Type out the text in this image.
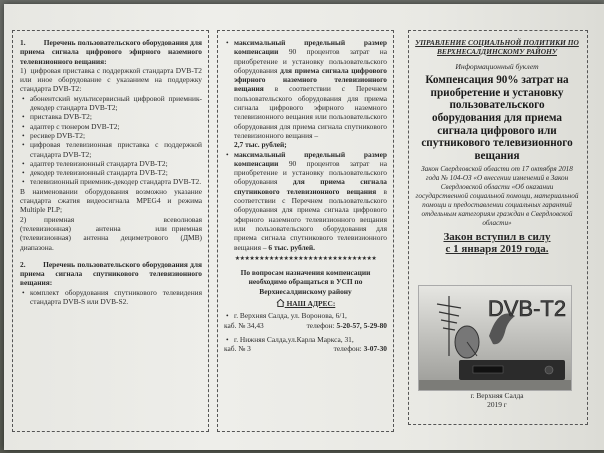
1.         Перечень пользовательского оборудования для приема сигнала цифрового эфирного наземного телевизионного вещания:

1)  цифровая приставка с поддержкой стандарта DVB-T2 или иное оборудование с указанием на поддержку стандарта DVB-T2:

• абонентский мультисервисный цифровой приемник-декодер стандарта DVB-T2;
• приставка DVB-T2;
• адаптер с тюнером DVB-T2;
• ресивер DVB-T2;
• цифровая телевизионная приставка с поддержкой стандарта DVB-T2;
• адаптер телевизионный стандарта DVB-T2;
• декодер телевизионный стандарта DVB-T2;
• телевизионный приемник-декодер стандарта DVB-T2.

В наименовании оборудования возможно указание стандарта сжатия видеосигнала MPEG4 и режима Multiple PLP;

2)   приемная               всеволновая (телевизионная)     антенна       или приемная (телевизионная) антенна дециметрового (ДМВ) диапазона.

2.        Перечень пользовательского оборудования для приема сигнала спутникового телевизионного вещания:

• комплект оборудования спутникового телевидения стандарта DVB-S или DVB-S2.
• максимальный предельный размер компенсации 90 процентов затрат на приобретение и установку пользовательского оборудования для приема сигнала цифрового эфирного наземного телевизионного вещания в соответствии с Перечнем пользовательского оборудования для приема сигнала цифрового эфирного наземного телевизионного вещания или пользовательского оборудования для приема сигнала спутникового телевизионного вещания –
2,7 тыс. рублей;
• максимальный предельный размер компенсации 90 процентов затрат на приобретение и установку пользовательского оборудования для приема сигнала спутникового телевизионного вещания в соответствии с Перечнем пользовательского оборудования для приема сигнала цифрового эфирного наземного телевизионного вещания или пользовательского оборудования для приема сигнала спутникового телевизионного вещания – 6 тыс. рублей.
★★★★★★★★★★★★★★★★★★★★★★★★★★★★★

По вопросам назначения компенсации необходимо обращаться в УСП по Верхнесалдинскому району

НАШ АДРЕС:

• г. Верхняя Салда, ул. Воронова, 6/1,

каб. № 34,43	телефон: 5-20-57, 5-29-80

• г. Нижняя Салда,ул.Карла Маркса, 31,

каб. № 3	телефон: 3-07-30

УПРАВЛЕНИЕ СОЦИАЛЬНОЙ ПОЛИТИКИ ПО ВЕРХНЕСАЛДИНСКОМУ РАЙОНУ

Информационный буклет

Компенсация 90% затрат на приобретение и установку пользовательского оборудования для приема сигнала цифрового или спутникового телевизионного вещания

Закон Свердловской области от 17 октября 2018 года № 104-ОЗ «О внесении изменений в Закон Свердловской области «Об оказании государственной социальной помощи, материальной помощи и предоставлении социальных гарантий отдельным категориям граждан в Свердловской области»

Закон вступил в силу

с 1 января 2019 года.

DVB-T2

г. Верхняя Салда

2019 г
